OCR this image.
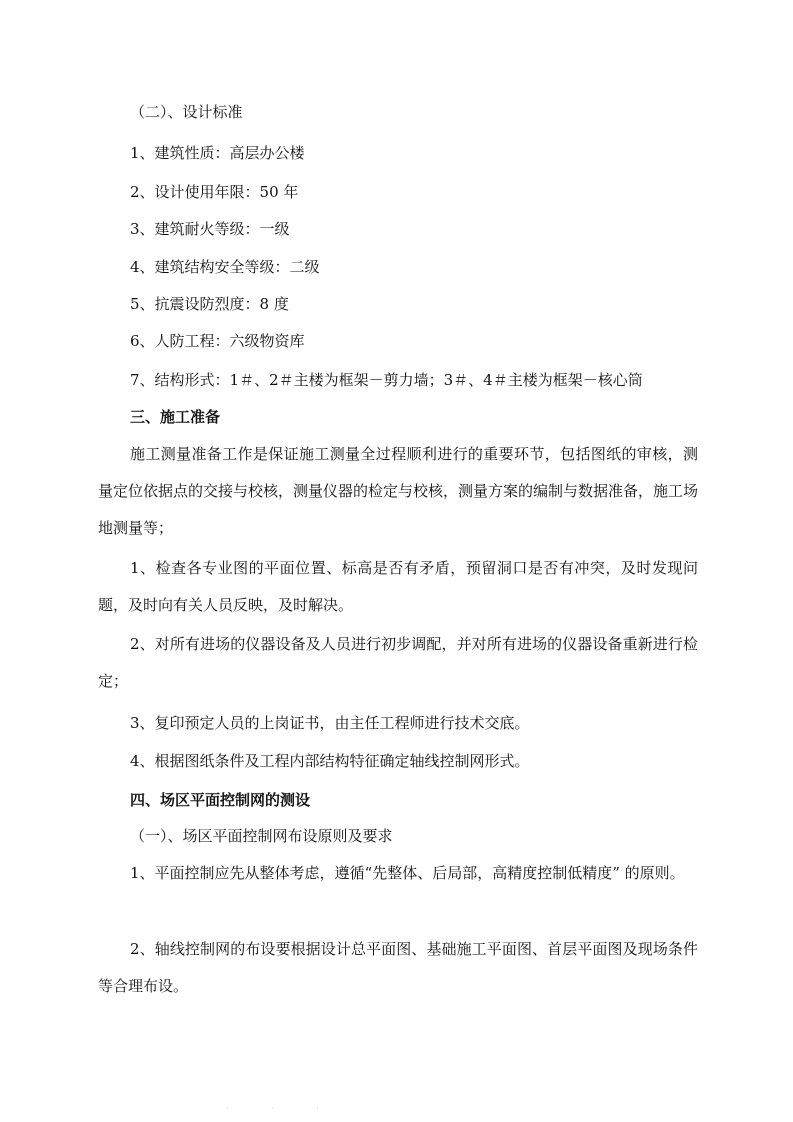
（二）、设计标准

1、建筑性质：高层办公楼

2、设计使用年限：50 年

3、建筑耐火等级：一级

4、建筑结构安全等级：二级

5、抗震设防烈度：8 度

6、人防工程：六级物资库

7、结构形式：1＃、2＃主楼为框架－剪力墙；3＃、4＃主楼为框架－核心筒

三、施工准备

施工测量准备工作是保证施工测量全过程顺利进行的重要环节，包括图纸的审核，测量定位依据点的交接与校核，测量仪器的检定与校核，测量方案的编制与数据准备，施工场地测量等；

1、检查各专业图的平面位置、标高是否有矛盾，预留洞口是否有冲突，及时发现问题，及时向有关人员反映，及时解决。

2、对所有进场的仪器设备及人员进行初步调配，并对所有进场的仪器设备重新进行检定；

3、复印预定人员的上岗证书，由主任工程师进行技术交底。

4、根据图纸条件及工程内部结构特征确定轴线控制网形式。

四、场区平面控制网的测设

（一）、场区平面控制网布设原则及要求

1、平面控制应先从整体考虑，遵循“先整体、后局部，高精度控制低精度” 的原则。

2、轴线控制网的布设要根据设计总平面图、基础施工平面图、首层平面图及现场条件等合理布设。

· · ·
